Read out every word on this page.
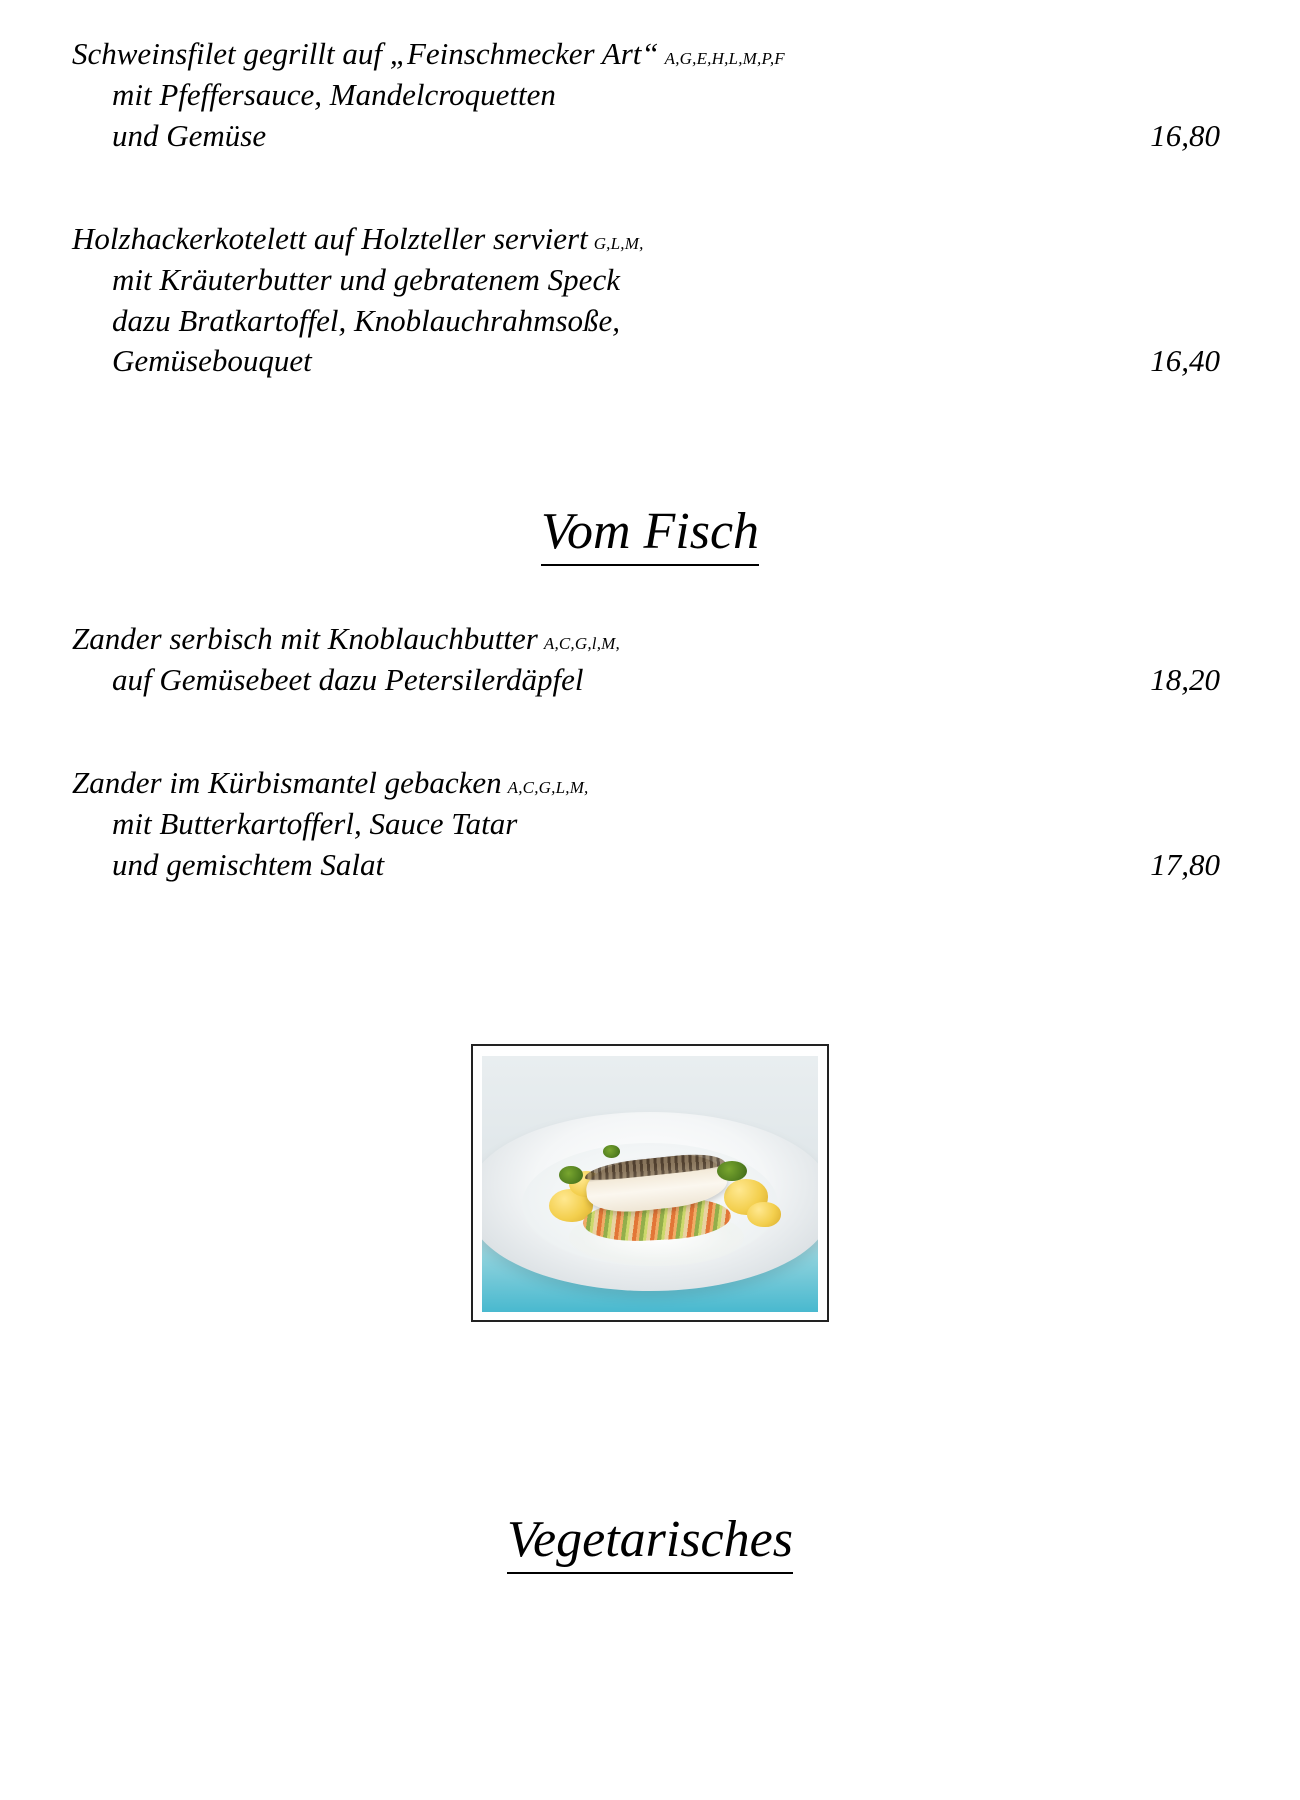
Schweinsfilet gegrillt auf „Feinschmecker Art“ A,G,E,H,L,M,P,F
mit Pfeffersauce, Mandelcroquetten
und Gemüse	16,80
Holzhackerkotelett auf Holzteller serviert G,L,M,
mit Kräuterbutter und gebratenem Speck
dazu Bratkartoffel, Knoblauchrahmsoße,
Gemüsebouquet	16,40
Vom Fisch
Zander serbisch mit Knoblauchbutter A,C,G,l,M,
auf Gemüsebeet dazu Petersilerdäpfel	18,20
Zander im Kürbismantel gebacken A,C,G,L,M,
mit Butterkartofferl, Sauce Tatar
und gemischtem Salat	17,80
Vegetarisches
